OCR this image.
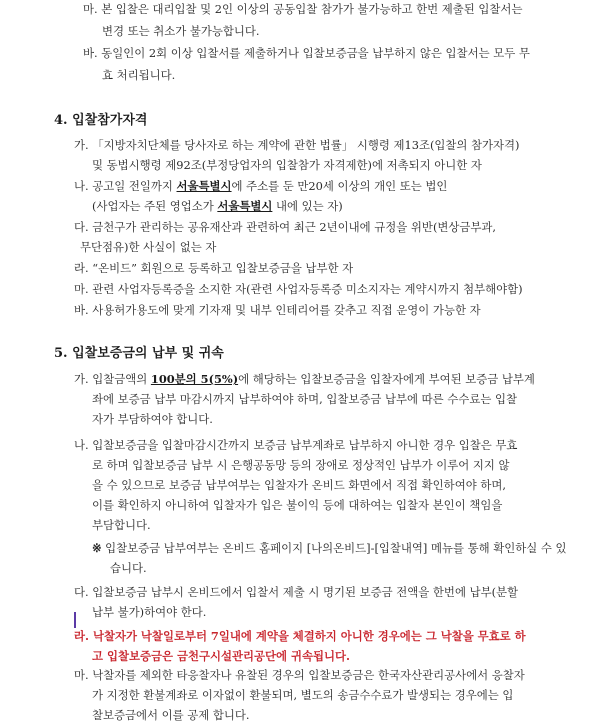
마. 본 입찰은 대리입찰 및 2인 이상의 공동입찰 참가가 불가능하고 한번 제출된 입찰서는
변경 또는 취소가 불가능합니다.
바. 동일인이 2회 이상 입찰서를 제출하거나 입찰보증금을 납부하지 않은 입찰서는 모두 무
효 처리됩니다.
4. 입찰참가자격
가. 「지방자치단체를 당사자로 하는 계약에 관한 법률」 시행령 제13조(입찰의 참가자격)
및 동법시행령 제92조(부정당업자의 입찰참가 자격제한)에 저촉되지 아니한 자
나. 공고일 전일까지 서울특별시에 주소를 둔 만20세 이상의 개인 또는 법인
(사업자는 주된 영업소가 서울특별시 내에 있는 자)
다. 금천구가 관리하는 공유재산과 관련하여 최근 2년이내에 규정을 위반(변상금부과,
무단점유)한 사실이 없는 자
라. “온비드” 회원으로 등록하고 입찰보증금을 납부한 자
마. 관련 사업자등록증을 소지한 자(관련 사업자등록증 미소지자는 계약시까지 첨부해야함)
바. 사용허가용도에 맞게 기자재 및 내부 인테리어를 갖추고 직접 운영이 가능한 자
5. 입찰보증금의 납부 및 귀속
가. 입찰금액의 100분의 5(5%)에 해당하는 입찰보증금을 입찰자에게 부여된 보증금 납부계
좌에 보증금 납부 마감시까지 납부하여야 하며, 입찰보증금 납부에 따른 수수료는 입찰
자가 부담하여야 합니다.
나. 입찰보증금을 입찰마감시간까지 보증금 납부계좌로 납부하지 아니한 경우 입찰은 무효
로 하며 입찰보증금 납부 시 은행공동망 등의 장애로 정상적인 납부가 이루어 지지 않
을 수 있으므로 보증금 납부여부는 입찰자가 온비드 화면에서 직접 확인하여야 하며,
이를 확인하지 아니하여 입찰자가 입은 불이익 등에 대하여는 입찰자 본인이 책임을
부담합니다.
※ 입찰보증금 납부여부는 온비드 홈페이지 [나의온비드]-[입찰내역] 메뉴를 통해 확인하실 수 있
습니다.
다. 입찰보증금 납부시 온비드에서 입찰서 제출 시 명기된 보증금 전액을 한번에 납부(분할
납부 불가)하여야 한다.
라. 낙찰자가 낙찰일로부터 7일내에 계약을 체결하지 아니한 경우에는 그 낙찰을 무효로 하
고 입찰보증금은 금천구시설관리공단에 귀속됩니다.
마. 낙찰자를 제외한 타응찰자나 유찰된 경우의 입찰보증금은 한국자산관리공사에서 응찰자
가 지정한 환불계좌로 이자없이 환불되며, 별도의 송금수수료가 발생되는 경우에는 입
찰보증금에서 이를 공제 합니다.
